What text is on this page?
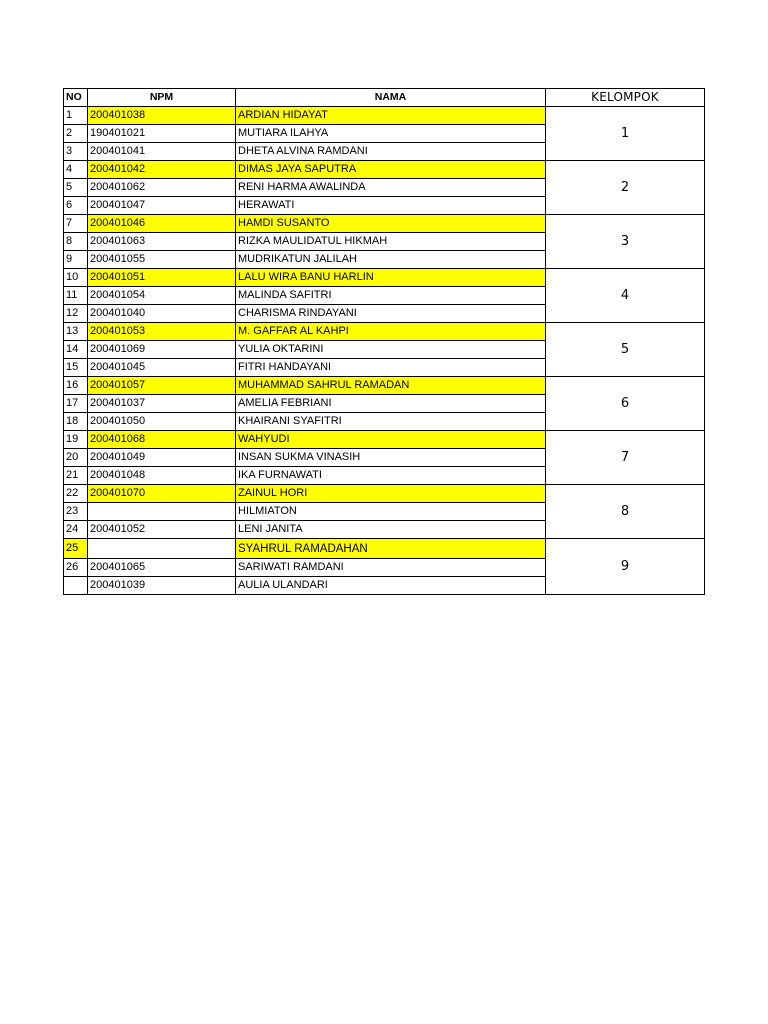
NO	NPM	NAMA	KELOMPOK
1	200401038	ARDIAN HIDAYAT	1
2	190401021	MUTIARA ILAHYA	
3	200401041	DHETA ALVINA RAMDANI	
4	200401042	DIMAS JAYA SAPUTRA	2
5	200401062	RENI HARMA AWALINDA	
6	200401047	HERAWATI	
7	200401046	HAMDI SUSANTO	3
8	200401063	RIZKA MAULIDATUL HIKMAH	
9	200401055	MUDRIKATUN JALILAH	
10	200401051	LALU WIRA BANU HARLIN	4
11	200401054	MALINDA SAFITRI	
12	200401040	CHARISMA RINDAYANI	
13	200401053	M. GAFFAR AL KAHPI	5
14	200401069	YULIA OKTARINI	
15	200401045	FITRI HANDAYANI	
16	200401057	MUHAMMAD SAHRUL RAMADAN	6
17	200401037	AMELIA FEBRIANI	
18	200401050	KHAIRANI SYAFITRI	
19	200401068	WAHYUDI	7
20	200401049	INSAN SUKMA VINASIH	
21	200401048	IKA FURNAWATI	
22	200401070	ZAINUL HORI	8
23		HILMIATON	
24	200401052	LENI JANITA	
25		SYAHRUL RAMADAHAN	9
26	200401065	SARIWATI RAMDANI	
	200401039	AULIA ULANDARI	
